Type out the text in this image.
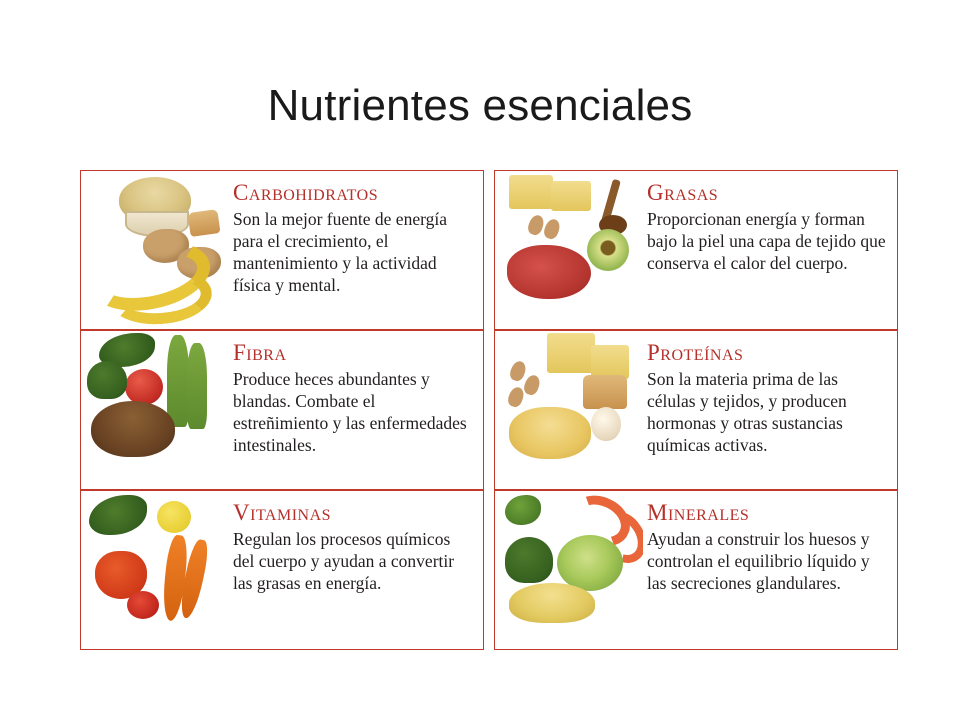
Nutrientes esenciales
Carbohidratos
Son la mejor fuente de energía para el crecimiento, el mantenimiento y la actividad física y mental.
Grasas
Proporcionan energía y forman bajo la piel una capa de tejido que conserva el calor del cuerpo.
Fibra
Produce heces abundantes y blandas. Combate el estreñimiento y las enfermedades intestinales.
Proteínas
Son la materia prima de las células y tejidos, y producen hormonas y otras sustancias químicas activas.
Vitaminas
Regulan los procesos químicos del cuerpo y ayudan a convertir las grasas en energía.
Minerales
Ayudan a construir los huesos y controlan el equilibrio líquido y las secreciones glandulares.
